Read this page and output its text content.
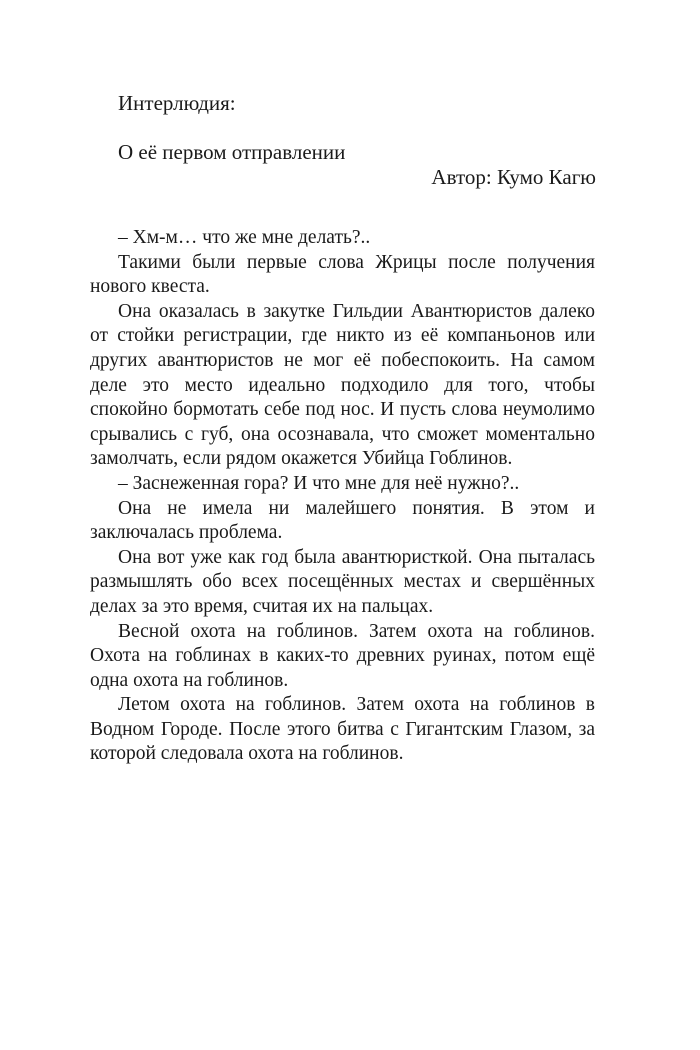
Интерлюдия:
О её первом отправлении
Автор: Кумо Кагю

– Хм-м… что же мне делать?..

Такими были первые слова Жрицы после получения нового квеста.

Она оказалась в закутке Гильдии Авантюристов далеко от стойки регистрации, где никто из её компаньонов или других авантюристов не мог её побеспокоить. На самом деле это место идеально подходило для того, чтобы спокойно бормотать себе под нос. И пусть слова неумолимо срывались с губ, она осознавала, что сможет моментально замолчать, если рядом окажется Убийца Гоблинов.

– Заснеженная гора? И что мне для неё нужно?..

Она не имела ни малейшего понятия. В этом и заключалась проблема.

Она вот уже как год была авантюристкой. Она пыталась размышлять обо всех посещённых местах и свершённых делах за это время, считая их на пальцах.

Весной охота на гоблинов. Затем охота на гоблинов. Охота на гоблинах в каких-то древних руинах, потом ещё одна охота на гоблинов.

Летом охота на гоблинов. Затем охота на гоблинов в Водном Городе. После этого битва с Гигантским Глазом, за которой следовала охота на гоблинов.
